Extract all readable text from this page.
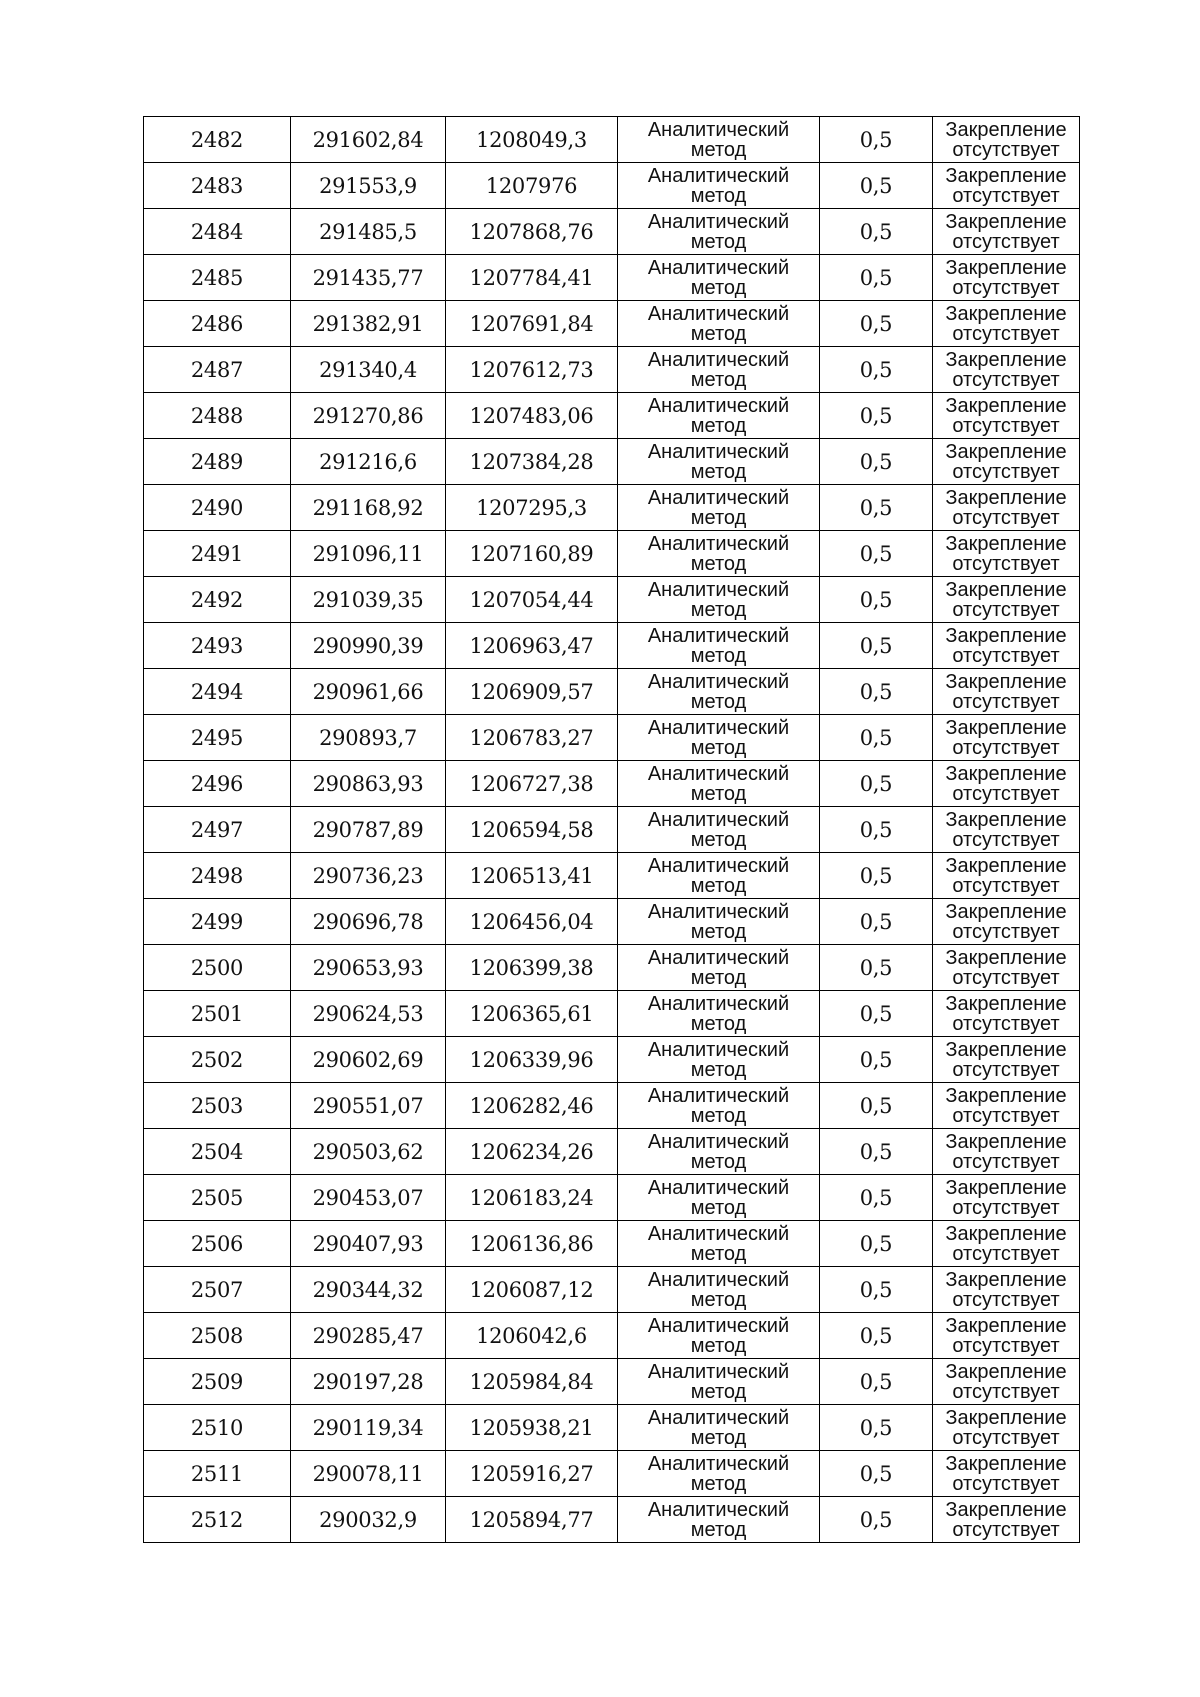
2482	291602,84	1208049,3	Аналитический метод	0,5	Закрепление отсутствует

2483	291553,9	1207976	Аналитический метод	0,5	Закрепление отсутствует

2484	291485,5	1207868,76	Аналитический метод	0,5	Закрепление отсутствует

2485	291435,77	1207784,41	Аналитический метод	0,5	Закрепление отсутствует

2486	291382,91	1207691,84	Аналитический метод	0,5	Закрепление отсутствует

2487	291340,4	1207612,73	Аналитический метод	0,5	Закрепление отсутствует

2488	291270,86	1207483,06	Аналитический метод	0,5	Закрепление отсутствует

2489	291216,6	1207384,28	Аналитический метод	0,5	Закрепление отсутствует

2490	291168,92	1207295,3	Аналитический метод	0,5	Закрепление отсутствует

2491	291096,11	1207160,89	Аналитический метод	0,5	Закрепление отсутствует

2492	291039,35	1207054,44	Аналитический метод	0,5	Закрепление отсутствует

2493	290990,39	1206963,47	Аналитический метод	0,5	Закрепление отсутствует

2494	290961,66	1206909,57	Аналитический метод	0,5	Закрепление отсутствует

2495	290893,7	1206783,27	Аналитический метод	0,5	Закрепление отсутствует

2496	290863,93	1206727,38	Аналитический метод	0,5	Закрепление отсутствует

2497	290787,89	1206594,58	Аналитический метод	0,5	Закрепление отсутствует

2498	290736,23	1206513,41	Аналитический метод	0,5	Закрепление отсутствует

2499	290696,78	1206456,04	Аналитический метод	0,5	Закрепление отсутствует

2500	290653,93	1206399,38	Аналитический метод	0,5	Закрепление отсутствует

2501	290624,53	1206365,61	Аналитический метод	0,5	Закрепление отсутствует

2502	290602,69	1206339,96	Аналитический метод	0,5	Закрепление отсутствует

2503	290551,07	1206282,46	Аналитический метод	0,5	Закрепление отсутствует

2504	290503,62	1206234,26	Аналитический метод	0,5	Закрепление отсутствует

2505	290453,07	1206183,24	Аналитический метод	0,5	Закрепление отсутствует

2506	290407,93	1206136,86	Аналитический метод	0,5	Закрепление отсутствует

2507	290344,32	1206087,12	Аналитический метод	0,5	Закрепление отсутствует

2508	290285,47	1206042,6	Аналитический метод	0,5	Закрепление отсутствует

2509	290197,28	1205984,84	Аналитический метод	0,5	Закрепление отсутствует

2510	290119,34	1205938,21	Аналитический метод	0,5	Закрепление отсутствует

2511	290078,11	1205916,27	Аналитический метод	0,5	Закрепление отсутствует

2512	290032,9	1205894,77	Аналитический метод	0,5	Закрепление отсутствует
